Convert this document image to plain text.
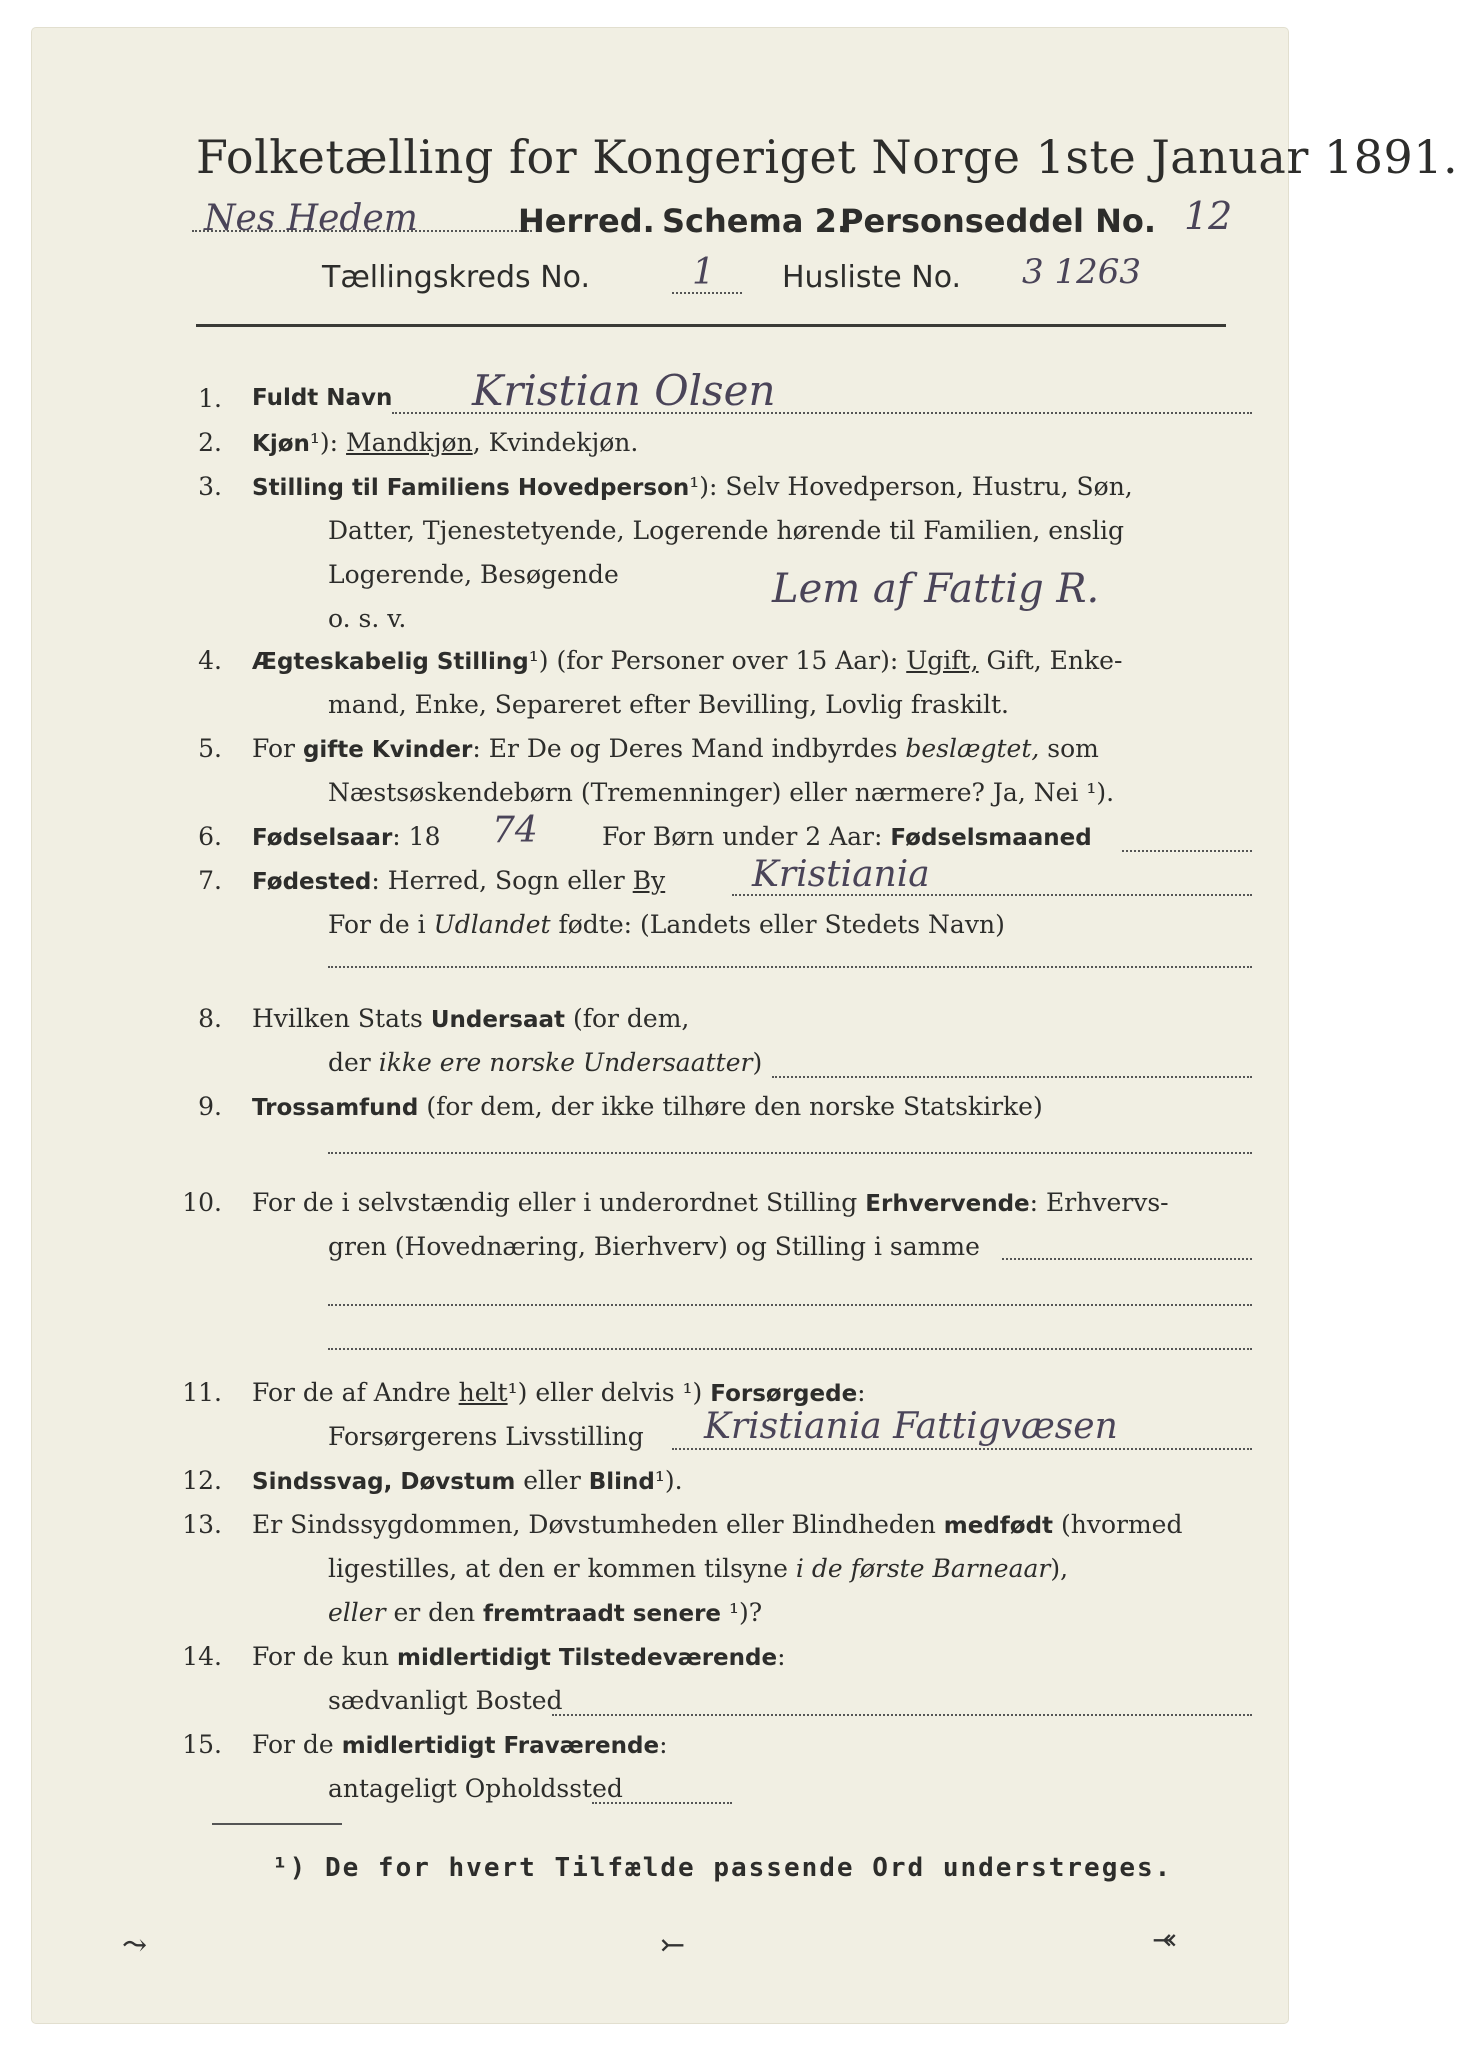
Folketælling for Kongeriget Norge 1ste Januar 1891.
Nes Hedem	Herred. Schema 2.
Personseddel No. 12
Tællingskreds No.	1 Husliste No. 3 1263
1. Fuldt Navn Kristian Olsen
2. Kjøn¹): Mandkjøn, Kvindekjøn.
3. Stilling til Familiens Hovedperson¹): Selv Hovedperson, Hustru, Søn,
Datter, Tjenestetyende, Logerende hørende til Familien, enslig
Logerende, Besøgende
o. s. v.
Lem af Fattig R.
4. Ægteskabelig Stilling¹) (for Personer over 15 Aar): Ugift, Gift, Enke-
mand, Enke, Separeret efter Bevilling, Lovlig fraskilt.
5. For gifte Kvinder: Er De og Deres Mand indbyrdes beslægtet, som
Næstsøskendebørn (Tremenninger) eller nærmere? Ja, Nei ¹).
6. Fødselsaar: 18 74	For Børn under 2 Aar: Fødselsmaaned
7. Fødested: Herred, Sogn eller By Kristiania
For de i Udlandet fødte: (Landets eller Stedets Navn)
8. Hvilken Stats Undersaat (for dem,
der ikke ere norske Undersaatter)
9. Trossamfund (for dem, der ikke tilhøre den norske Statskirke)
10. For de i selvstændig eller i underordnet Stilling Erhvervende: Erhvervs-
gren (Hovednæring, Bierhverv) og Stilling i samme
11. For de af Andre helt¹) eller delvis ¹) Forsørgede:
Forsørgerens Livsstilling Kristiania Fattigvæsen
12. Sindssvag, Døvstum eller Blind¹).
13. Er Sindssygdommen, Døvstumheden eller Blindheden medfødt (hvormed
ligestilles, at den er kommen tilsyne i de første Barneaar),
eller er den fremtraadt senere ¹)?
14. For de kun midlertidigt Tilstedeværende:
sædvanligt Bosted
15. For de midlertidigt Fraværende:
antageligt Opholdssted
¹) De for hvert Tilfælde passende Ord understreges.
⤳	⤚	⤛
